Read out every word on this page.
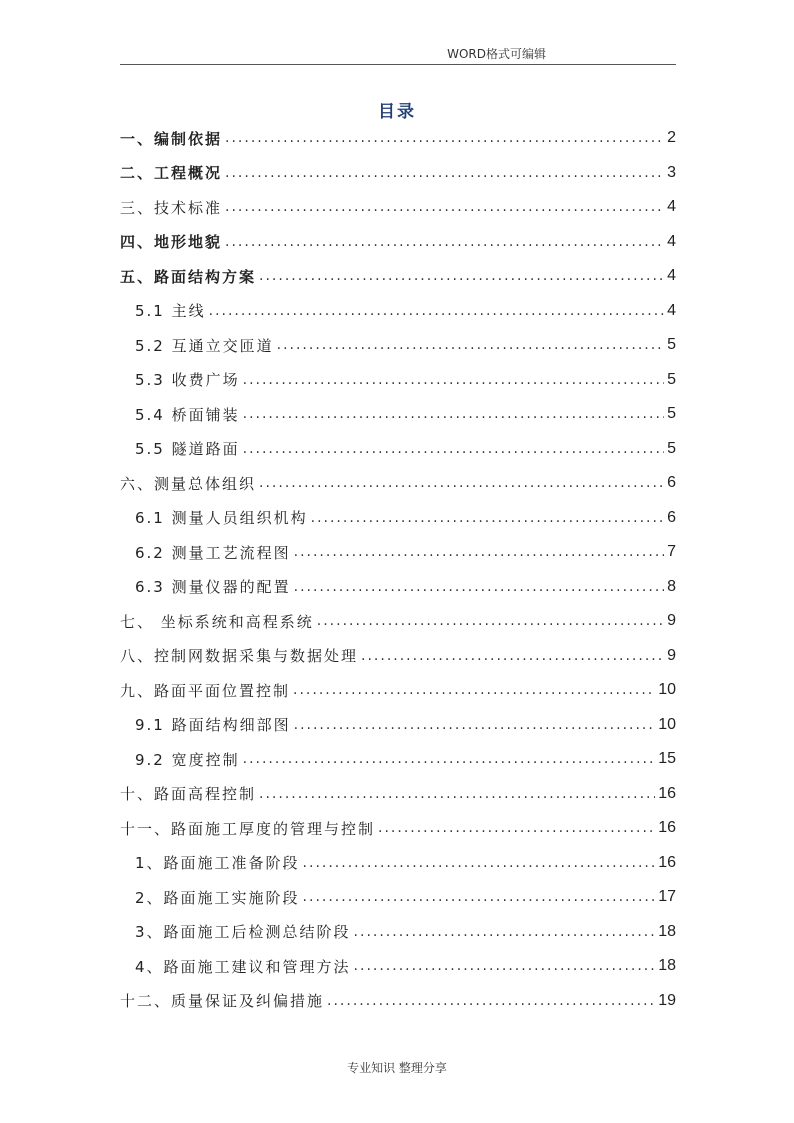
WORD格式可编辑
目录
一、编制依据 .....	2
二、工程概况 .....	3
三、技术标准 .....	4
四、地形地貌 .....	4
五、路面结构方案 .....	4
5.1 主线 .....	4
5.2 互通立交匝道 .....	5
5.3 收费广场 .....	5
5.4 桥面铺装 .....	5
5.5 隧道路面 .....	5
六、测量总体组织 .....	6
6.1 测量人员组织机构 .....	6
6.2 测量工艺流程图 .....	7
6.3 测量仪器的配置 .....	8
七、 坐标系统和高程系统 .....	9
八、控制网数据采集与数据处理 .....	9
九、路面平面位置控制 .....	10
9.1 路面结构细部图 .....	10
9.2 宽度控制 .....	15
十、路面高程控制 .....	16
十一、路面施工厚度的管理与控制 .....	16
1、路面施工准备阶段 .....	16
2、路面施工实施阶段 .....	17
3、路面施工后检测总结阶段 .....	18
4、路面施工建议和管理方法 .....	18
十二、质量保证及纠偏措施 .....	19
专业知识 整理分享
